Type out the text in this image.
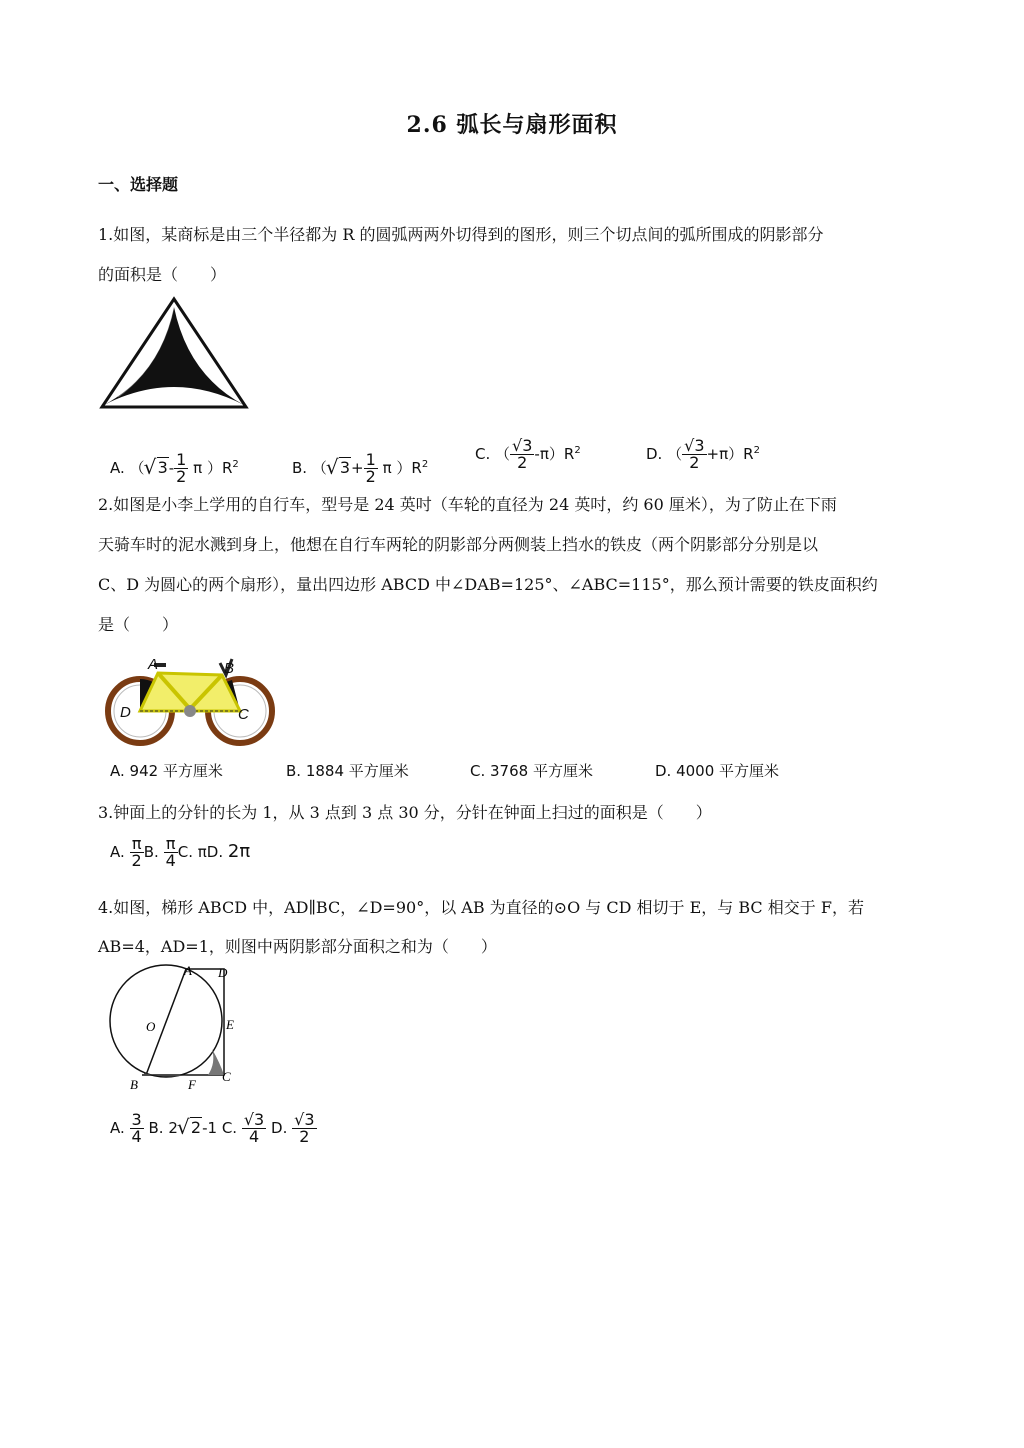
2.6 弧长与扇形面积
一、选择题
1.如图，某商标是由三个半径都为 R 的圆弧两两外切得到的图形，则三个切点间的弧所围成的阴影部分
的面积是（　　）
A. （ √ $3- \frac{1}{2}$ π ）$R^2$	B. （ √ $3+ \frac{1}{2}$ π ）$R^2$
C. （ $\frac{√3}{2} -\pi)R^2$	D. （ $\frac{√3}{2} +\pi)R^2$
2.如图是小李上学用的自行车，型号是 24 英吋（车轮的直径为 24 英吋，约 60 厘米），为了防止在下雨
天骑车时的泥水溅到身上，他想在自行车两轮的阴影部分两侧装上挡水的铁皮（两个阴影部分分别是以
C、D 为圆心的两个扇形），量出四边形 ABCD 中∠DAB=125°、∠ABC=115°，那么预计需要的铁皮面积约
是（　　）
A	B
C
D
A. 942 平方厘米	B. 1884 平方厘米	C. 3768 平方厘米	D. 4000 平方厘米
3.钟面上的分针的长为 1，从 3 点到 3 点 30 分，分针在钟面上扫过的面积是（　　）
A. $\frac{\pi}{2} B$. $\frac{\pi}{4} C$. πD. 2π
4.如图，梯形 ABCD 中，AD∥BC，∠D=90°，以 AB 为直径的⊙O 与 CD 相切于 E，与 BC 相交于 F，若
AB=4，AD=1，则图中两阴影部分面积之和为（　　）
A D
O	E
B	F
C
A. $\frac{3}{4} B$. 2 √ 2-1 C. $\frac{√3}{4} D$. $\frac{√3}{2}$
